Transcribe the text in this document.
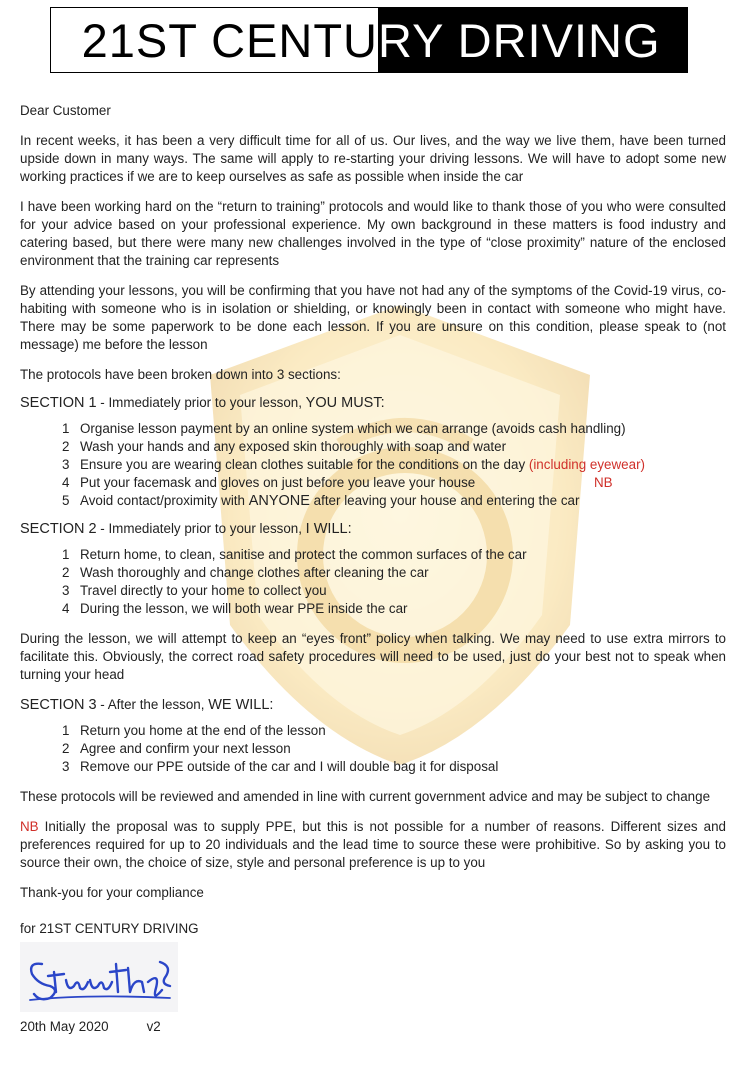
21ST CENTU RY DRIVING

Dear Customer

In recent weeks, it has been a very difficult time for all of us. Our lives, and the way we live them, have been turned upside down in many ways. The same will apply to re-starting your driving lessons. We will have to adopt some new working practices if we are to keep ourselves as safe as possible when inside the car

I have been working hard on the “return to training” protocols and would like to thank those of you who were consulted for your advice based on your professional experience. My own background in these matters is food industry and catering based, but there were many new challenges involved in the type of “close proximity” nature of the enclosed environment that the training car represents

By attending your lessons, you will be confirming that you have not had any of the symptoms of the Covid-19 virus, co-habiting with someone who is in isolation or shielding, or knowingly been in contact with someone who might have. There may be some paperwork to be done each lesson. If you are unsure on this condition, please speak to (not message) me before the lesson

The protocols have been broken down into 3 sections:

SECTION 1 - Immediately prior to your lesson, YOU MUST:
1 Organise lesson payment by an online system which we can arrange (avoids cash handling)
2 Wash your hands and any exposed skin thoroughly with soap and water
3 Ensure you are wearing clean clothes suitable for the conditions on the day (including eyewear)
4 Put your facemask and gloves on just before you leave your house	NB
5 Avoid contact/proximity with ANYONE after leaving your house and entering the car
SECTION 2 - Immediately prior to your lesson, I WILL:
1 Return home, to clean, sanitise and protect the common surfaces of the car
2 Wash thoroughly and change clothes after cleaning the car
3 Travel directly to your home to collect you
4 During the lesson, we will both wear PPE inside the car

During the lesson, we will attempt to keep an “eyes front” policy when talking. We may need to use extra mirrors to facilitate this. Obviously, the correct road safety procedures will need to be used, just do your best not to speak when turning your head

SECTION 3 - After the lesson, WE WILL:
1 Return you home at the end of the lesson
2 Agree and confirm your next lesson
3 Remove our PPE outside of the car and I will double bag it for disposal

These protocols will be reviewed and amended in line with current government advice and may be subject to change

NB Initially the proposal was to supply PPE, but this is not possible for a number of reasons. Different sizes and preferences required for up to 20 individuals and the lead time to source these were prohibitive. So by asking you to source their own, the choice of size, style and personal preference is up to you

Thank-you for your compliance

for 21ST CENTURY DRIVING

20th May 2020	v2
